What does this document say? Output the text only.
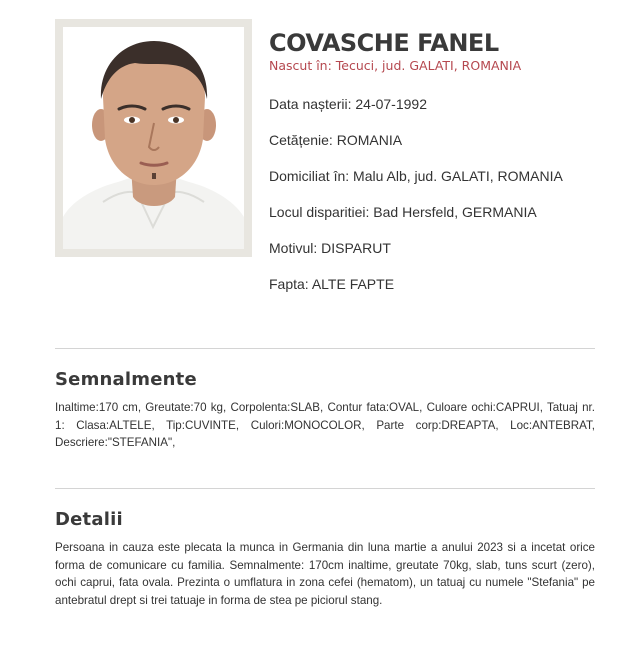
COVASCHE FANEL

Nascut în: Tecuci, jud. GALATI, ROMANIA

Data nașterii: 24-07-1992
Cetățenie: ROMANIA
Domiciliat în: Malu Alb, jud. GALATI, ROMANIA
Locul disparitiei: Bad Hersfeld, GERMANIA
Motivul: DISPARUT
Fapta: ALTE FAPTE
Semnalmente

Inaltime:170 cm, Greutate:70 kg, Corpolenta:SLAB, Contur fata:OVAL, Culoare ochi:CAPRUI, Tatuaj nr. 1: Clasa:ALTELE, Tip:CUVINTE, Culori:MONOCOLOR, Parte corp:DREAPTA, Loc:ANTEBRAT, Descriere:"STEFANIA",

Detalii

Persoana in cauza este plecata la munca in Germania din luna martie a anului 2023 si a incetat orice forma de comunicare cu familia. Semnalmente: 170cm inaltime, greutate 70kg, slab, tuns scurt (zero), ochi caprui, fata ovala. Prezinta o umflatura in zona cefei (hematom), un tatuaj cu numele "Stefania" pe antebratul drept si trei tatuaje in forma de stea pe piciorul stang.
